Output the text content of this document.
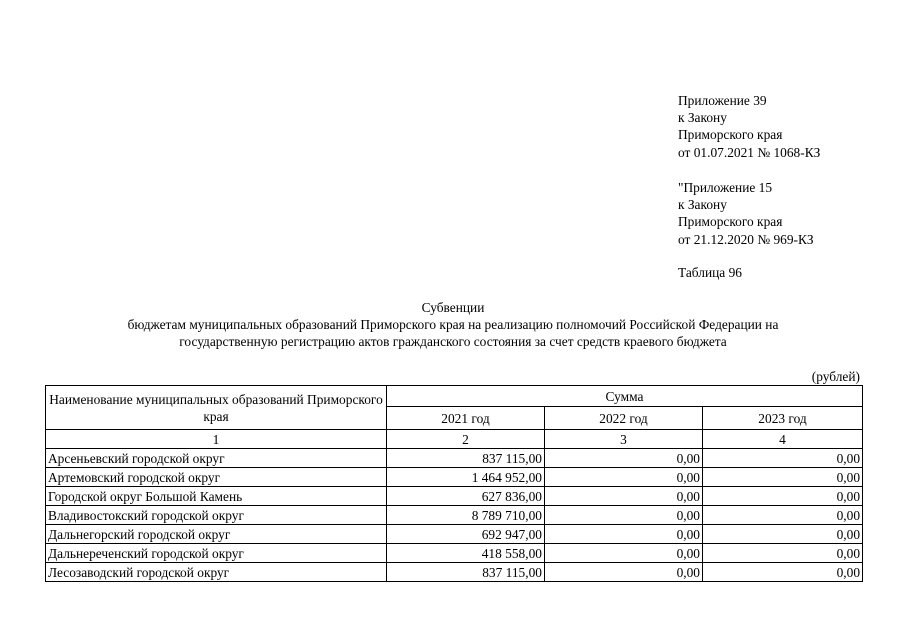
Приложение 39
к Закону
Приморского края
от 01.07.2021 № 1068-КЗ
"Приложение 15
к Закону
Приморского края
от 21.12.2020 № 969-КЗ
Таблица 96
Субвенции
бюджетам муниципальных образований Приморского края на реализацию полномочий Российской Федерации на
государственную регистрацию актов гражданского состояния за счет средств краевого бюджета
(рублей)
Наименование муниципальных образований Приморского края	Сумма		
	2021 год	2022 год	2023 год
1	2	3	4
Арсеньевский городской округ	837 115,00	0,00	0,00
Артемовский городской округ	1 464 952,00	0,00	0,00
Городской округ Большой Камень	627 836,00	0,00	0,00
Владивостокский городской округ	8 789 710,00	0,00	0,00
Дальнегорский городской округ	692 947,00	0,00	0,00
Дальнереченский городской округ	418 558,00	0,00	0,00
Лесозаводский городской округ	837 115,00	0,00	0,00
